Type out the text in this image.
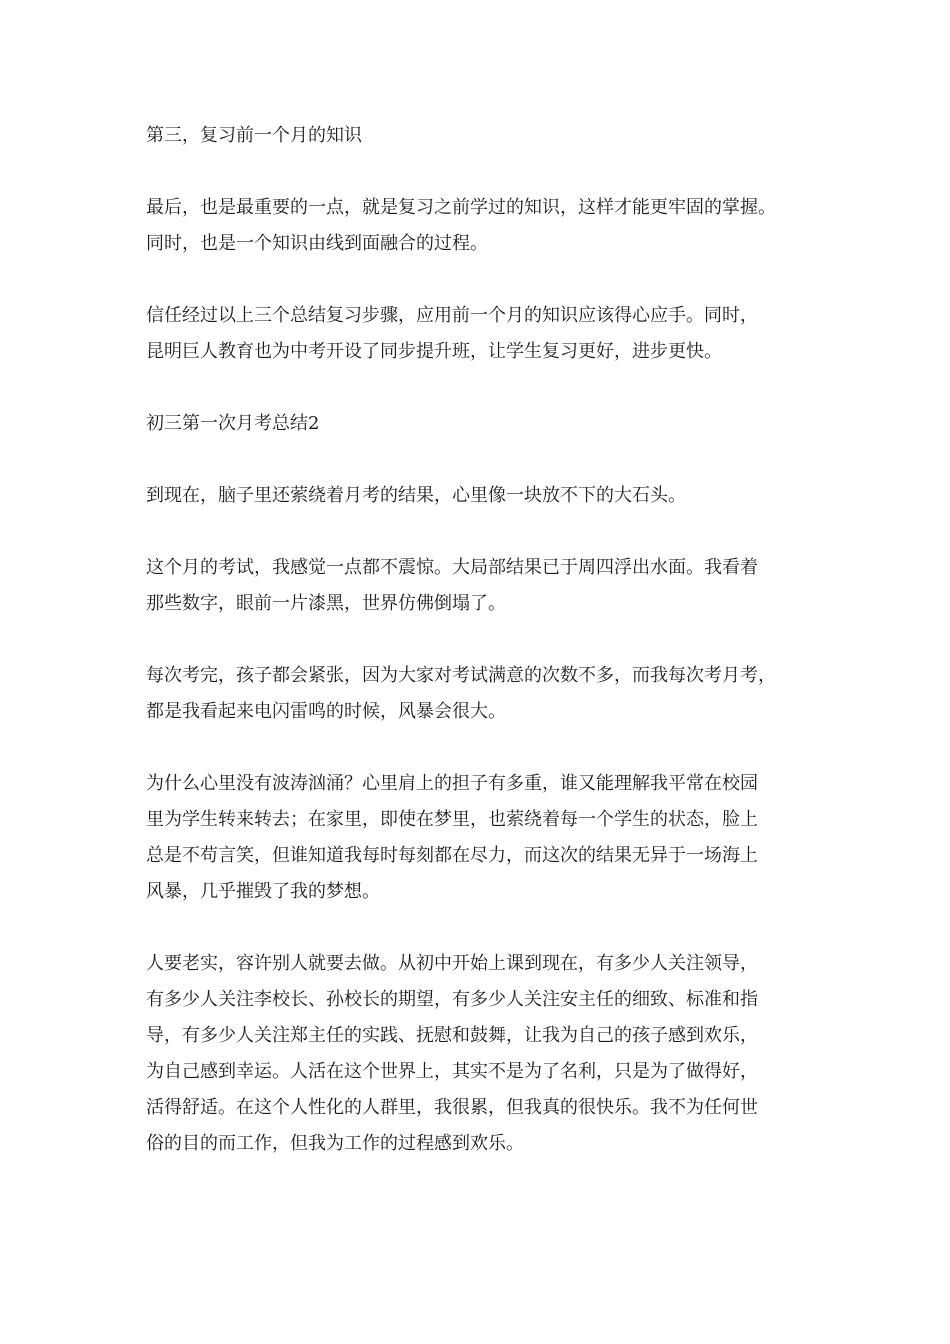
第三，复习前一个月的知识

最后，也是最重要的一点，就是复习之前学过的知识，这样才能更牢固的掌握。
同时，也是一个知识由线到面融合的过程。

信任经过以上三个总结复习步骤，应用前一个月的知识应该得心应手。同时，
昆明巨人教育也为中考开设了同步提升班，让学生复习更好，进步更快。

初三第一次月考总结2

到现在，脑子里还萦绕着月考的结果，心里像一块放不下的大石头。

这个月的考试，我感觉一点都不震惊。大局部结果已于周四浮出水面。我看着
那些数字，眼前一片漆黑，世界仿佛倒塌了。

每次考完，孩子都会紧张，因为大家对考试满意的次数不多，而我每次考月考，
都是我看起来电闪雷鸣的时候，风暴会很大。

为什么心里没有波涛汹涌？心里肩上的担子有多重，谁又能理解我平常在校园
里为学生转来转去；在家里，即使在梦里，也萦绕着每一个学生的状态，脸上
总是不苟言笑，但谁知道我每时每刻都在尽力，而这次的结果无异于一场海上
风暴，几乎摧毁了我的梦想。

人要老实，容许别人就要去做。从初中开始上课到现在，有多少人关注领导，
有多少人关注李校长、孙校长的期望，有多少人关注安主任的细致、标准和指
导，有多少人关注郑主任的实践、抚慰和鼓舞，让我为自己的孩子感到欢乐，
为自己感到幸运。人活在这个世界上，其实不是为了名利，只是为了做得好，
活得舒适。在这个人性化的人群里，我很累，但我真的很快乐。我不为任何世
俗的目的而工作，但我为工作的过程感到欢乐。
